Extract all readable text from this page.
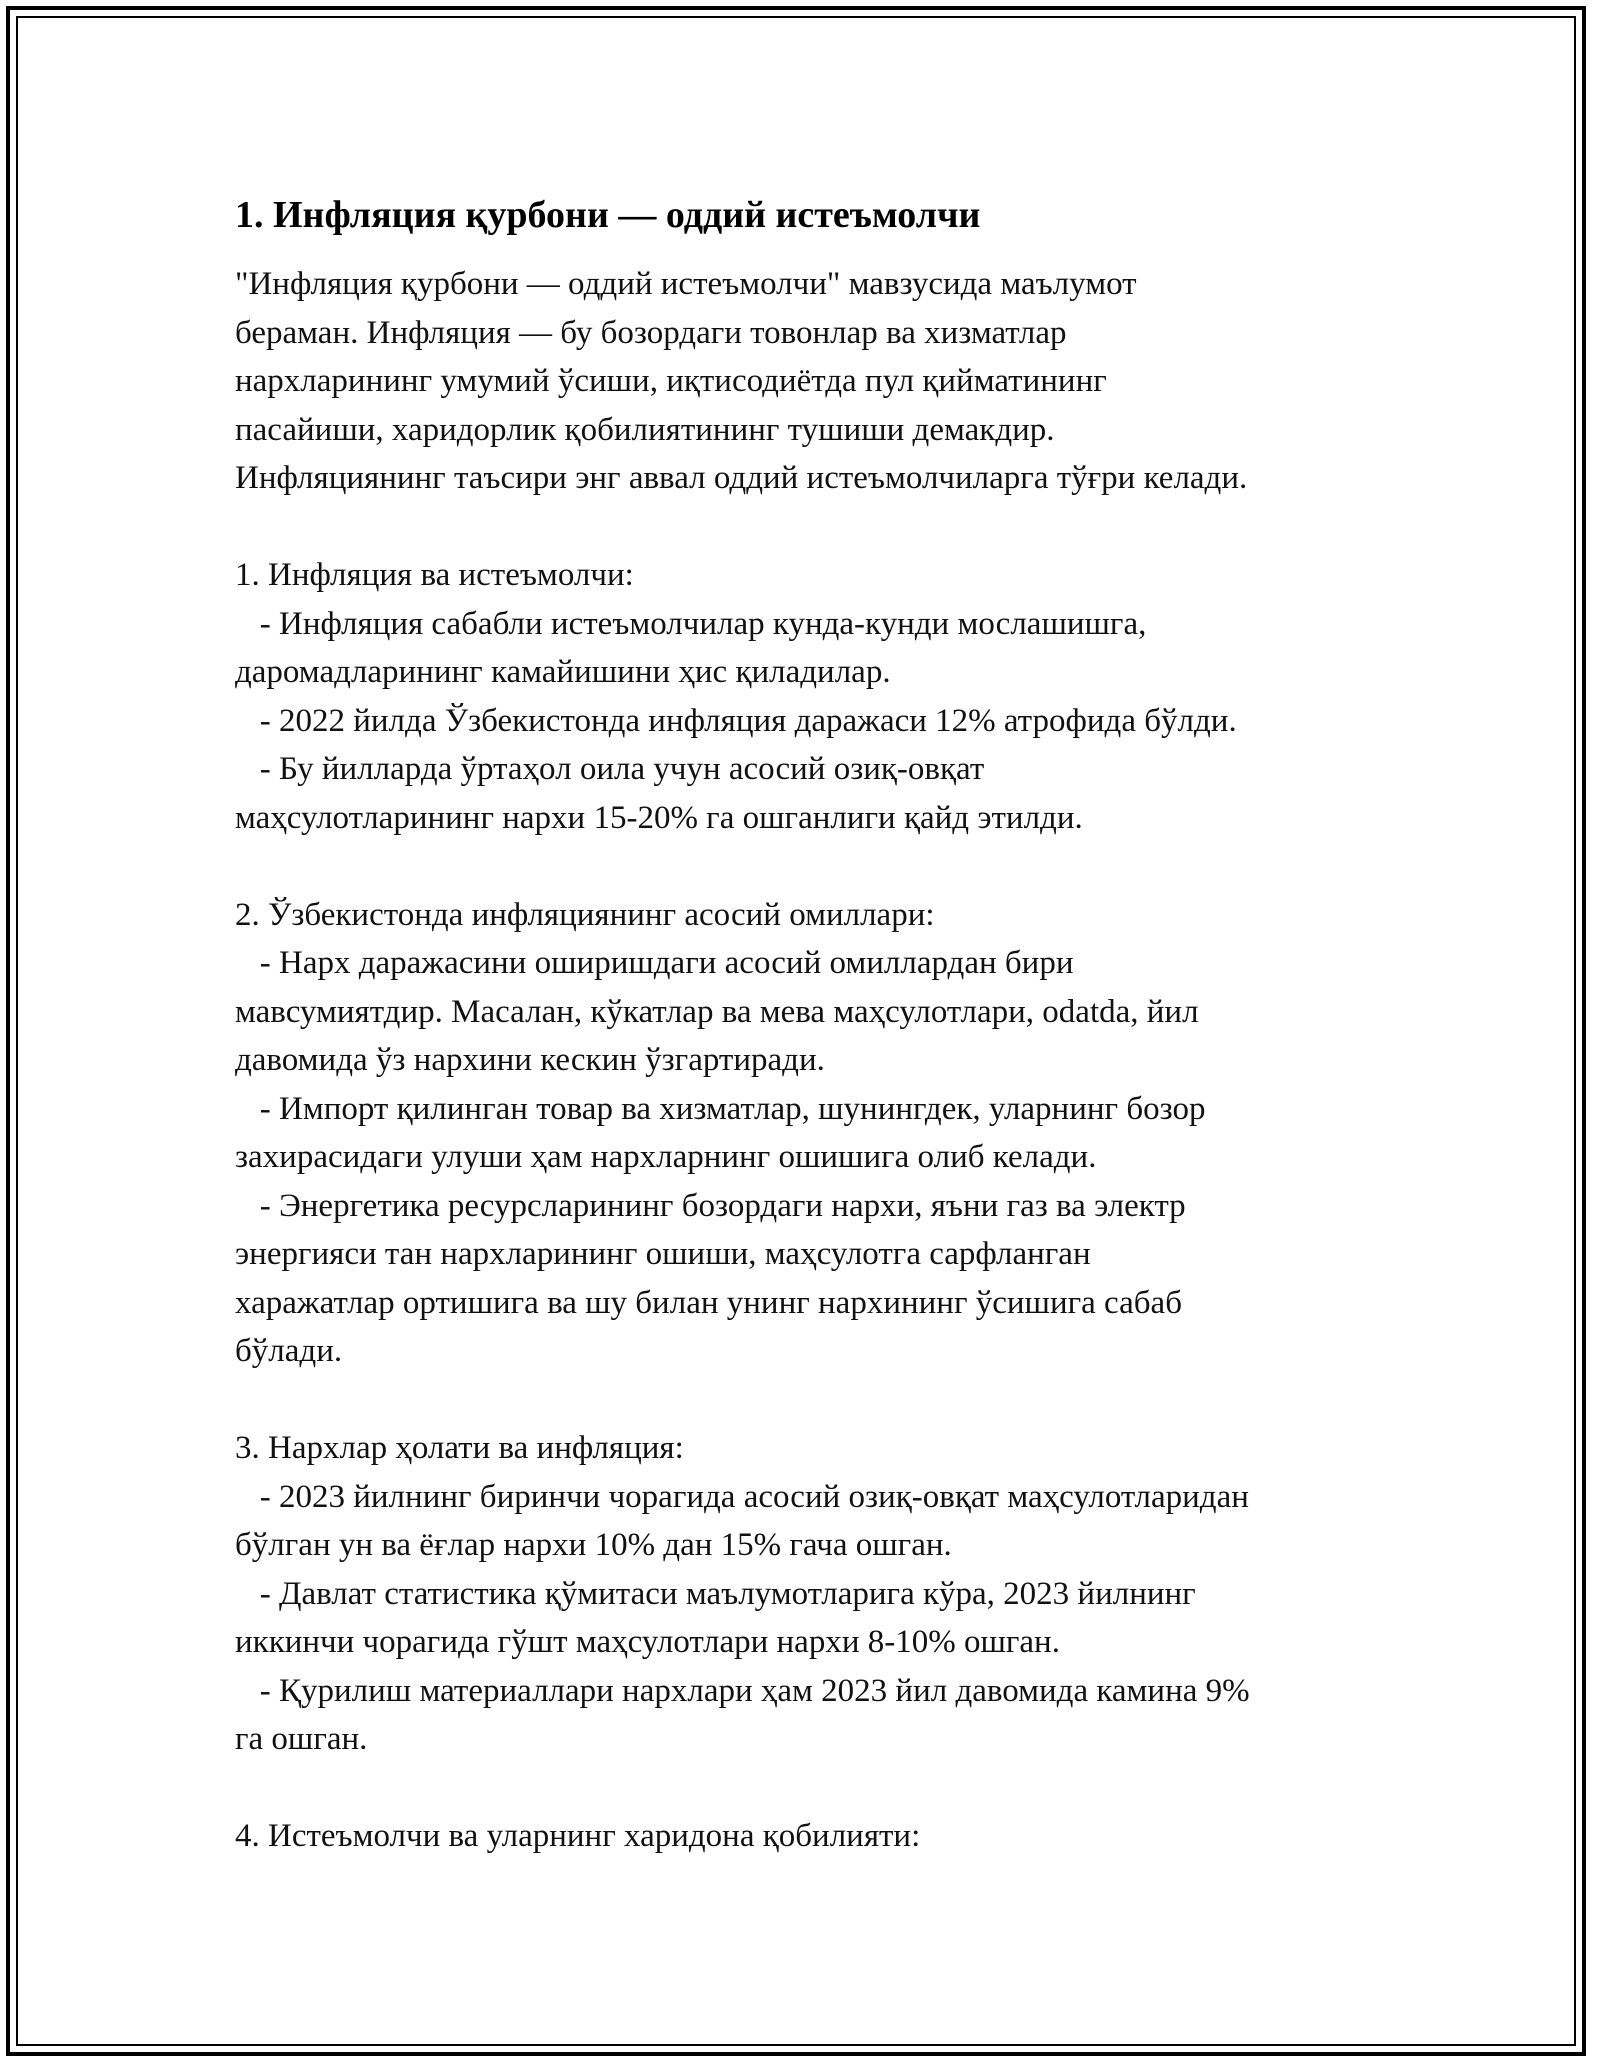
1. Инфляция қурбони — оддий истеъмолчи

"Инфляция қурбони — оддий истеъмолчи" мавзусида маълумот
бераман. Инфляция — бу бозордаги товонлар ва хизматлар
нархларининг умумий ўсиши, иқтисодиётда пул қийматининг
пасайиши, харидорлик қобилиятининг тушиши демакдир.
Инфляциянинг таъсири энг аввал оддий истеъмолчиларга тўғри келади.

1. Инфляция ва истеъмолчи:
- Инфляция сабабли истеъмолчилар кунда-кунди мослашишга,
даромадларининг камайишини ҳис қиладилар.
- 2022 йилда Ўзбекистонда инфляция даражаси 12% атрофида бўлди.
- Бу йилларда ўртаҳол оила учун асосий озиқ-овқат
маҳсулотларининг нархи 15-20% га ошганлиги қайд этилди.

2. Ўзбекистонда инфляциянинг асосий омиллари:
- Нарх даражасини оширишдаги асосий омиллардан бири
мавсумиятдир. Масалан, кўкатлар ва мева маҳсулотлари, odatda, йил
давомида ўз нархини кескин ўзгартиради.
- Импорт қилинган товар ва хизматлар, шунингдек, уларнинг бозор
захирасидаги улуши ҳам нархларнинг ошишига олиб келади.
- Энергетика ресурсларининг бозордаги нархи, яъни газ ва электр
энергияси тан нархларининг ошиши, маҳсулотга сарфланган
харажатлар ортишига ва шу билан унинг нархининг ўсишига сабаб
бўлади.

3. Нархлар ҳолати ва инфляция:
- 2023 йилнинг биринчи чорагида асосий озиқ-овқат маҳсулотларидан
бўлган ун ва ёғлар нархи 10% дан 15% гача ошган.
- Давлат статистика қўмитаси маълумотларига кўра, 2023 йилнинг
иккинчи чорагида гўшт маҳсулотлари нархи 8-10% ошган.
- Қурилиш материаллари нархлари ҳам 2023 йил давомида камина 9%
га ошган.

4. Истеъмолчи ва уларнинг харидона қобилияти:
